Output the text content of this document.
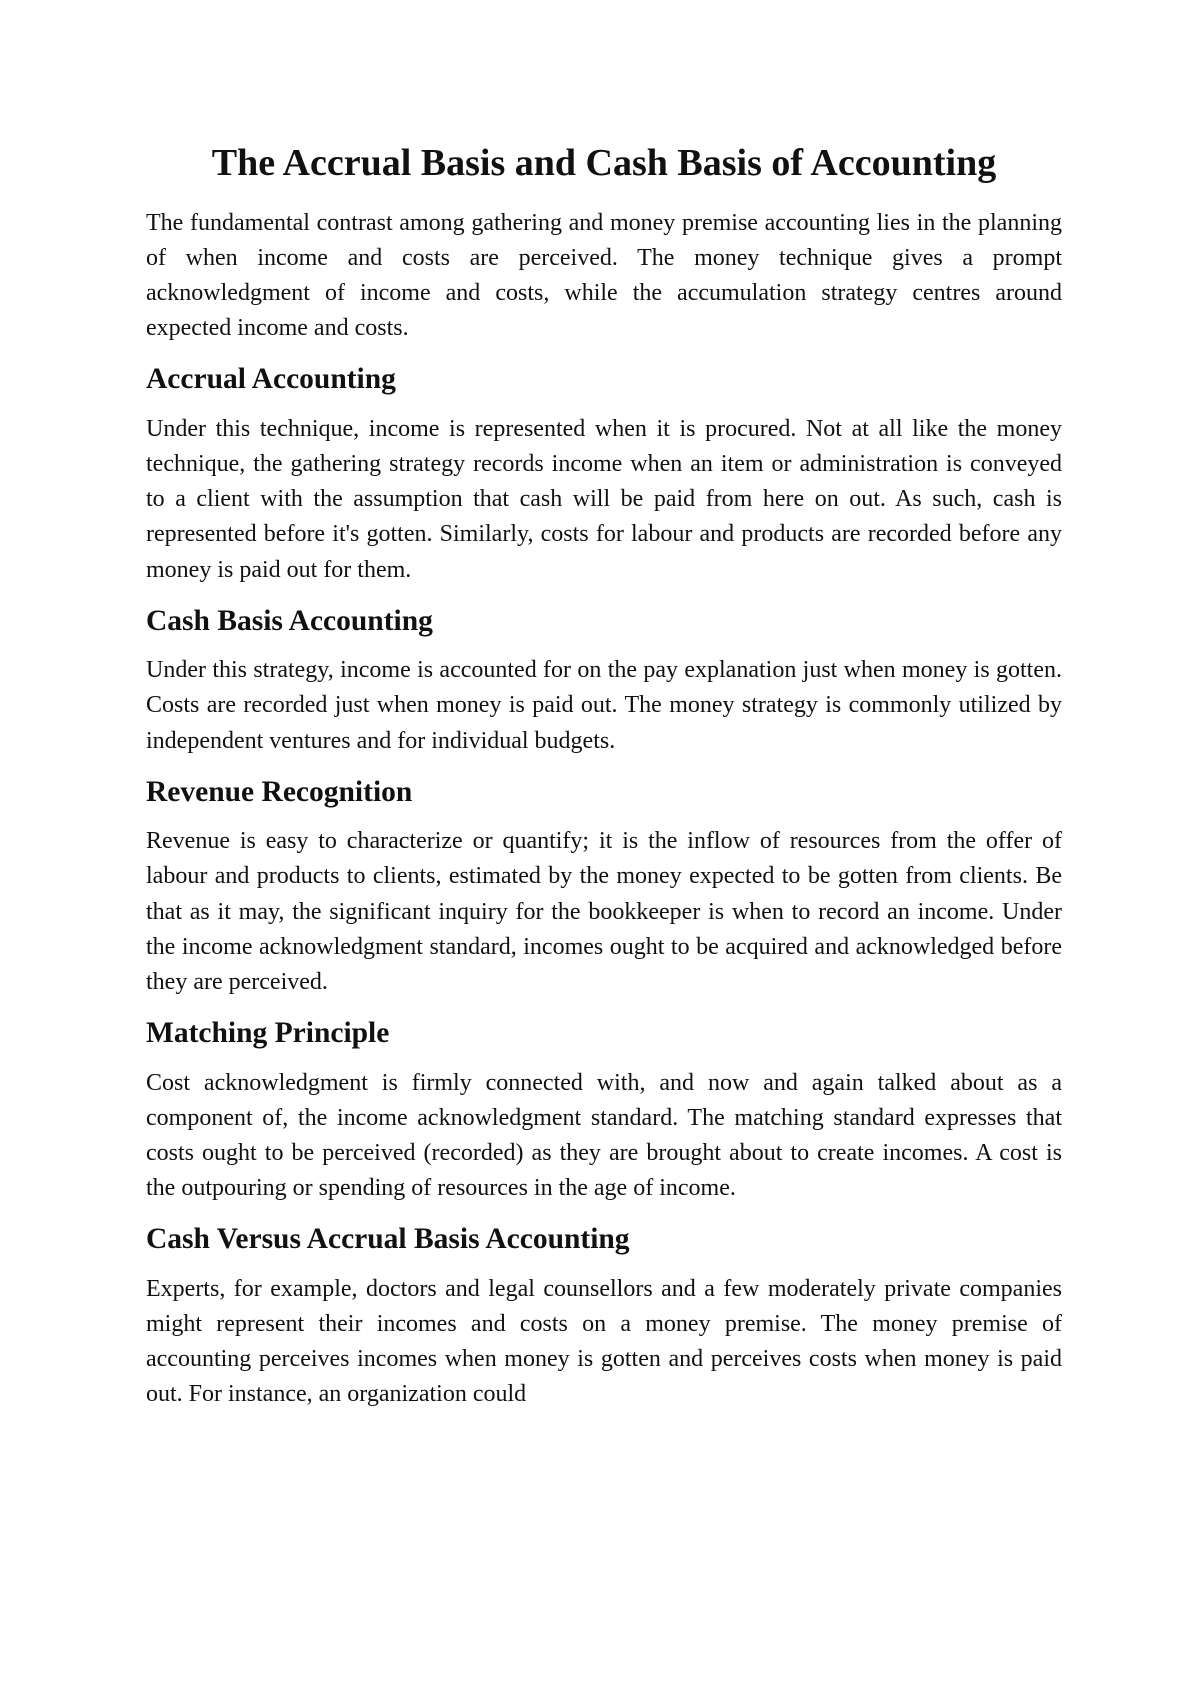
The Accrual Basis and Cash Basis of Accounting

The fundamental contrast among gathering and money premise accounting lies in the planning of when income and costs are perceived. The money technique gives a prompt acknowledgment of income and costs, while the accumulation strategy centres around expected income and costs.

Accrual Accounting

Under this technique, income is represented when it is procured. Not at all like the money technique, the gathering strategy records income when an item or administration is conveyed to a client with the assumption that cash will be paid from here on out. As such, cash is represented before it's gotten. Similarly, costs for labour and products are recorded before any money is paid out for them.

Cash Basis Accounting

Under this strategy, income is accounted for on the pay explanation just when money is gotten. Costs are recorded just when money is paid out. The money strategy is commonly utilized by independent ventures and for individual budgets.

Revenue Recognition

Revenue is easy to characterize or quantify; it is the inflow of resources from the offer of labour and products to clients, estimated by the money expected to be gotten from clients. Be that as it may, the significant inquiry for the bookkeeper is when to record an income. Under the income acknowledgment standard, incomes ought to be acquired and acknowledged before they are perceived.

Matching Principle

Cost acknowledgment is firmly connected with, and now and again talked about as a component of, the income acknowledgment standard. The matching standard expresses that costs ought to be perceived (recorded) as they are brought about to create incomes. A cost is the outpouring or spending of resources in the age of income.

Cash Versus Accrual Basis Accounting

Experts, for example, doctors and legal counsellors and a few moderately private companies might represent their incomes and costs on a money premise. The money premise of accounting perceives incomes when money is gotten and perceives costs when money is paid out. For instance, an organization could
